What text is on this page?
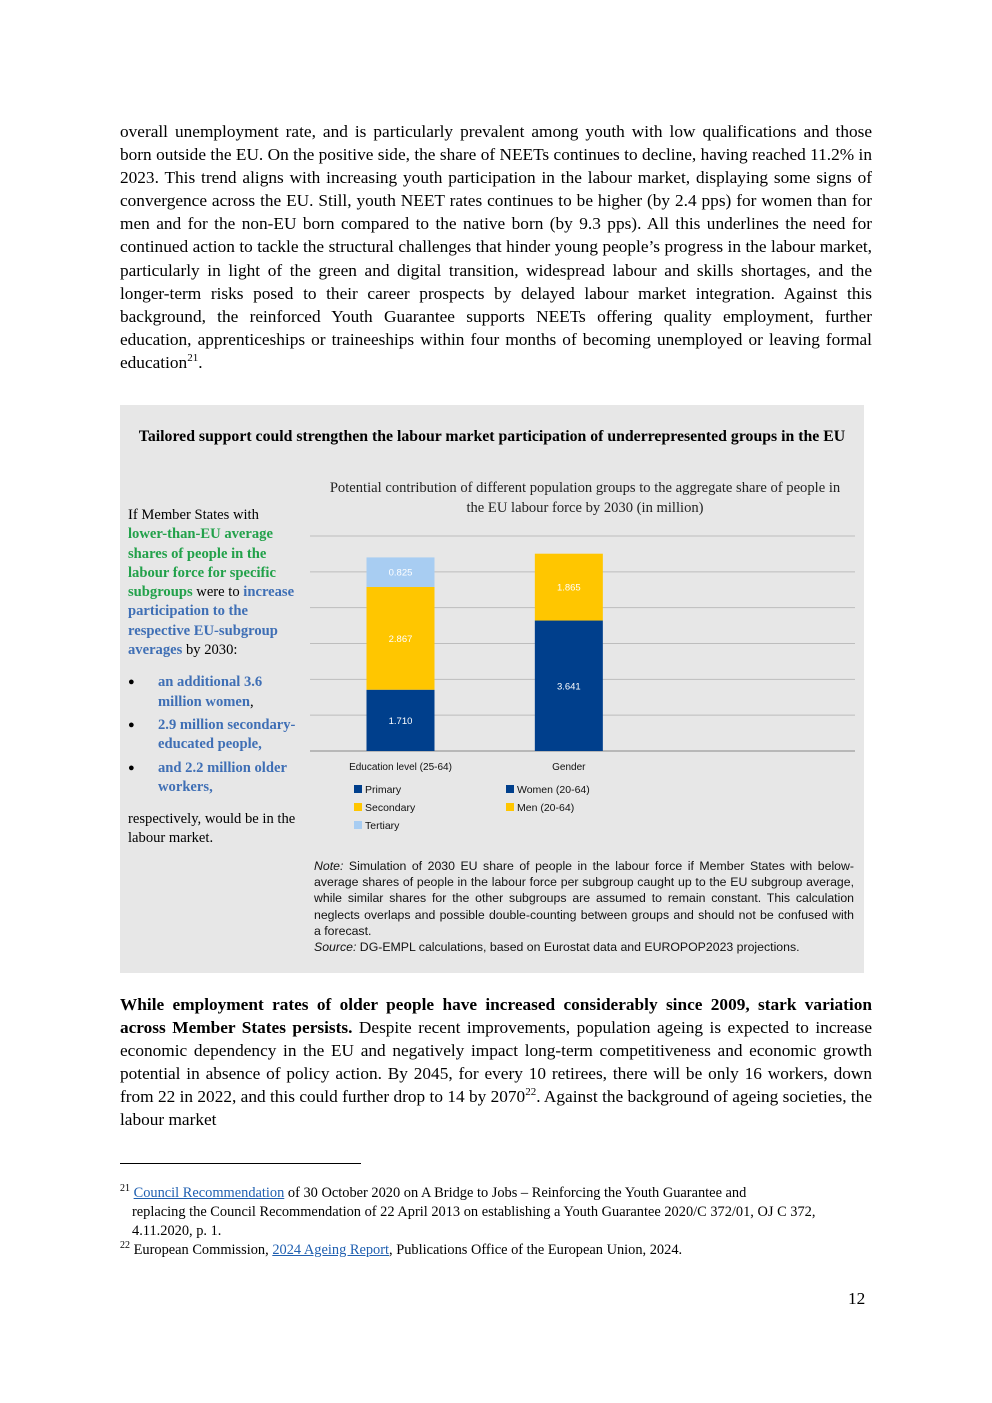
overall unemployment rate, and is particularly prevalent among youth with low qualifications and those born outside the EU. On the positive side, the share of NEETs continues to decline, having reached 11.2% in 2023. This trend aligns with increasing youth participation in the labour market, displaying some signs of convergence across the EU. Still, youth NEET rates continues to be higher (by 2.4 pps) for women than for men and for the non-EU born compared to the native born (by 9.3 pps). All this underlines the need for continued action to tackle the structural challenges that hinder young people’s progress in the labour market, particularly in light of the green and digital transition, widespread labour and skills shortages, and the longer-term risks posed to their career prospects by delayed labour market integration. Against this background, the reinforced Youth Guarantee supports NEETs offering quality employment, further education, apprenticeships or traineeships within four months of becoming unemployed or leaving formal education$^{21}$.
Tailored support could strengthen the labour market participation of underrepresented groups in the EU
If Member States with lower-than-EU average shares of people in the labour force for specific subgroups were to increase participation to the respective EU-subgroup averages by 2030:
● an additional 3.6 million women,
● 2.9 million secondary-educated people,
● and 2.2 million older workers,
respectively, would be in the labour market.
Potential contribution of different population groups to the aggregate share of people in the EU labour force by 2030 (in million)
1.710
2.867
0.825
Education level (25-64)
3.641
1.865
Gender
Primary
Secondary
Tertiary
Women (20-64)
Men (20-64)
Note: Simulation of 2030 EU share of people in the labour force if Member States with below-average shares of people in the labour force per subgroup caught up to the EU subgroup average, while similar shares for the other subgroups are assumed to remain constant. This calculation neglects overlaps and possible double-counting between groups and should not be confused with a forecast.
Source: DG-EMPL calculations, based on Eurostat data and EUROPOP2023 projections.
While employment rates of older people have increased considerably since 2009, stark variation across Member States persists. Despite recent improvements, population ageing is expected to increase economic dependency in the EU and negatively impact long-term competitiveness and economic growth potential in absence of policy action. By 2045, for every 10 retirees, there will be only 16 workers, down from 22 in 2022, and this could further drop to 14 by 2070$^{22}$. Against the background of ageing societies, the labour market
$^{21}$ Council Recommendation of 30 October 2020 on A Bridge to Jobs – Reinforcing the Youth Guarantee and
replacing the Council Recommendation of 22 April 2013 on establishing a Youth Guarantee 2020/C 372/01, OJ C 372, 4.11.2020, p. 1.
$^{22}$ European Commission, 2024 Ageing Report, Publications Office of the European Union, 2024.
12
